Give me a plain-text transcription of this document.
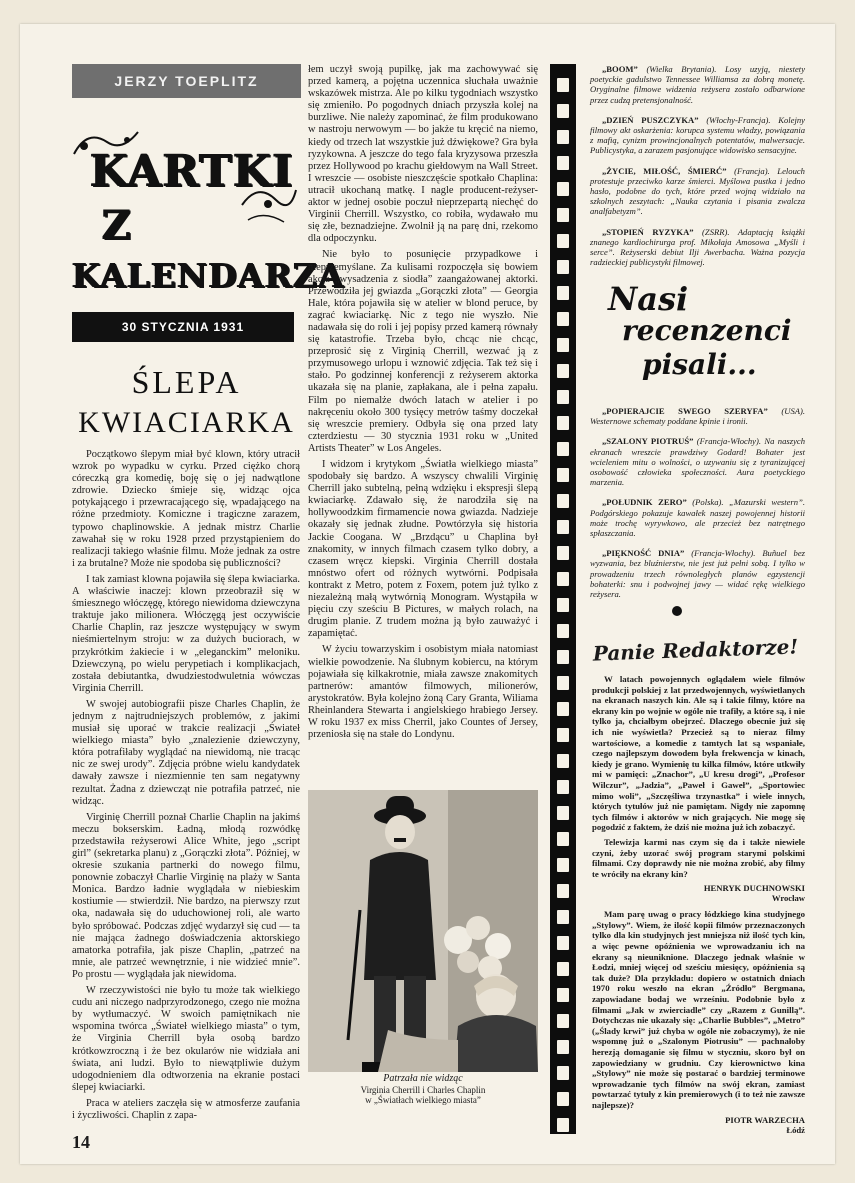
JERZY TOEPLITZ
KARTKI
Z
KALENDARZA
30 STYCZNIA 1931
ŚLEPA
KWIACIARKA

Początkowo ślepym miał być klown, który utracił wzrok po wypadku w cyrku. Przed ciężko chorą córeczką gra komedię, boję się o jej nadwątlone zdrowie. Dziecko śmieje się, widząc ojca potykającego i przewracającego się, wpadającego na różne przedmioty. Komiczne i tragiczne zarazem, typowo chaplinowskie. A jednak mistrz Charlie zawahał się w roku 1928 przed przystąpieniem do realizacji takiego właśnie filmu. Może jednak za ostre i za brutalne? Może nie spodoba się publiczności?

I tak zamiast klowna pojawiła się ślepa kwiaciarka. A właściwie inaczej: klown przeobraził się w śmiesznego włóczęgę, którego niewidoma dziewczyna traktuje jako milionera. Włóczęgą jest oczywiście Charlie Chaplin, raz jeszcze występujący w swym nieśmiertelnym stroju: w za dużych buciorach, w przykrótkim żakiecie i w „eleganckim” meloniku. Dziewczyną, po wielu perypetiach i komplikacjach, została debiutantka, dwudziestodwuletnia wówczas Virginia Cherrill.

W swojej autobiografii pisze Charles Chaplin, że jednym z najtrudniejszych problemów, z jakimi musiał się uporać w trakcie realizacji „Świateł wielkiego miasta” było „znalezienie dziewczyny, która potrafiłaby wyglądać na niewidomą, nie tracąc nic ze swej urody”. Zdjęcia próbne wielu kandydatek dawały zawsze i niezmiennie ten sam negatywny rezultat. Żadna z dziewcząt nie potrafiła patrzeć, nie widząc.

Virginię Cherrill poznał Charlie Chaplin na jakimś meczu bokserskim. Ładną, młodą rozwódkę przedstawiła reżyserowi Alice White, jego „script girl” (sekretarka planu) z „Gorączki złota”. Później, w okresie szukania partnerki do nowego filmu, ponownie zobaczył Charlie Virginię na plaży w Santa Monica. Bardzo ładnie wyglądała w niebieskim kostiumie — stwierdził. Nie bardzo, na pierwszy rzut oka, nadawała się do uduchowionej roli, ale warto było spróbować. Podczas zdjęć wydarzył się cud — ta nie mająca żadnego doświadczenia aktorskiego amatorka potrafiła, jak pisze Chaplin, „patrzeć na mnie, ale patrzeć wewnętrznie, i nie widzieć mnie”. Po prostu — wyglądała jak niewidoma.

W rzeczywistości nie było tu może tak wielkiego cudu ani niczego nadprzyrodzonego, czego nie można by wytłumaczyć. W swoich pamiętnikach nie wspomina twórca „Świateł wielkiego miasta” o tym, że Virginia Cherrill była osobą bardzo krótkowzroczną i że bez okularów nie widziała ani świata, ani ludzi. Było to niewątpliwie dużym udogodnieniem dla odtworzenia na ekranie postaci ślepej kwiaciarki.

Praca w ateliers zaczęła się w atmosferze zaufania i życzliwości. Chaplin z zapa-

łem uczył swoją pupilkę, jak ma zachowywać się przed kamerą, a pojętna uczennica słuchała uważnie wskazówek mistrza. Ale po kilku tygodniach wszystko się zmieniło. Po pogodnych dniach przyszła kolej na burzliwe. Nie należy zapominać, że film produkowano w nastroju nerwowym — bo jakże tu kręcić na niemo, kiedy od trzech lat wszystkie już dźwiękowe? Gra była ryzykowna. A jeszcze do tego fala kryzysowa przeszła przez Hollywood po krachu giełdowym na Wall Street. I wreszcie — osobiste nieszczęście spotkało Chaplina: utracił ukochaną matkę. I nagle producent-reżyser-aktor w jednej osobie poczuł nieprzepartą niechęć do Virginii Cherrill. Wszystko, co robiła, wydawało mu się złe, beznadziejne. Zwolnił ją na parę dni, rzekomo dla odpoczynku.

Nie było to posunięcie przypadkowe i nieprzemyślane. Za kulisami rozpoczęła się bowiem akcja „wysadzenia z siodła” zaangażowanej aktorki. Przewodziła jej gwiazda „Gorączki złota” — Georgia Hale, która pojawiła się w atelier w blond peruce, by zagrać kwiaciarkę. Nic z tego nie wyszło. Nie nadawała się do roli i jej popisy przed kamerą równały się katastrofie. Trzeba było, chcąc nie chcąc, przeprosić się z Virginią Cherrill, wezwać ją z przymusowego urlopu i wznowić zdjęcia. Tak też się i stało. Po godzinnej konferencji z reżyserem aktorka ukazała się na planie, zapłakana, ale i pełna zapału. Film po niemalże dwóch latach w atelier i po nakręceniu około 300 tysięcy metrów taśmy doczekał się wreszcie premiery. Odbyła się ona przed laty czterdziestu — 30 stycznia 1931 roku w „United Artists Theater” w Los Angeles.

I widzom i krytykom „Światła wielkiego miasta” spodobały się bardzo. A wszyscy chwalili Virginię Cherrill jako subtelną, pełną wdzięku i ekspresji ślepą kwiaciarkę. Zdawało się, że narodziła się na hollywoodzkim firmamencie nowa gwiazda. Nadzieje okazały się jednak złudne. Powtórzyła się historia Jackie Coogana. W „Brzdącu” u Chaplina był znakomity, w innych filmach czasem tylko dobry, a czasem wręcz kiepski. Virginia Cherrill dostała mnóstwo ofert od różnych wytwórni. Podpisała kontrakt z Metro, potem z Foxem, potem już tylko z niezależną małą wytwórnią Monogram. Wystąpiła w pięciu czy sześciu B Pictures, w małych rolach, na drugim planie. Z trudem można ją było zauważyć i zapamiętać.

W życiu towarzyskim i osobistym miała natomiast wielkie powodzenie. Na ślubnym kobiercu, na którym pojawiała się kilkakrotnie, miała zawsze znakomitych partnerów: amantów filmowych, milionerów, arystokratów. Była kolejno żoną Cary Granta, Wiliama Rheinlandera Stewarta i angielskiego hrabiego Jersey. W roku 1937 ex miss Cherril, jako Countes of Jersey, przeniosła się na stałe do Londynu.

Patrzała nie widząc
Virginia Cherrill i Charles Chaplin
w „Światłach wielkiego miasta”
„BOOM” (Wielka Brytania). Losy uzyją, niestety poetyckie gadulstwo Tennessee Williamsa za dobrą monetę. Oryginalne filmowe widzenia reżysera zostało odbarwione przez cudzą pretensjonalność.
„DZIEŃ PUSZCZYKA” (Włochy-Francja). Kolejny filmowy akt oskarżenia: korupca systemu władzy, powiązania z mafią, cynizm prowincjonalnych potentatów, malwersacje. Publicystyka, a zarazem pasjonujące widowisko sensacyjne.
„ŻYCIE, MIŁOŚĆ, ŚMIERĆ” (Francja). Lelouch protestuje przeciwko karze śmierci. Myślowa pustka i jedno hasło, podobne do tych, które przed wojną widziało na szkolnych zeszytach: „Nauka czytania i pisania zwalcza analfabetyzm”.
„STOPIEŃ RYZYKA” (ZSRR). Adaptacją książki znanego kardiochirurga prof. Mikołaja Amosowa „Myśli i serce”. Reżyserski debiut Ilji Awerbacha. Ważna pozycja radzieckiej publicystyki filmowej.
Nasi
recenzenci
pisali...
„POPIERAJCIE SWEGO SZERYFA” (USA). Westernowe schematy poddane kpinie i ironii.
„SZALONY PIOTRUŚ” (Francja-Włochy). Na naszych ekranach wreszcie prawdziwy Godard! Bohater jest wcieleniem mitu o wolności, o uzywaniu się z tyranizującej osobowość człowieka społeczności. Aura poetyckiego marzenia.
„POŁUDNIK ZERO” (Polska). „Mazurski western”. Podgórskiego pokazuje kawałek naszej powojennej historii może trochę wyrywkowo, ale przecież bez natrętnego spłaszczania.
„PIĘKNOŚĆ DNIA” (Francja-Włochy). Buñuel bez wyzwania, bez bluźnierstw, nie jest już pełni sobą. I tylko w prowadzeniu trzech równoległych planów egzystencji bohaterki: snu i podwojnej jawy — widać rękę wielkiego reżysera.
Panie Redaktorze!

W latach powojennych oglądałem wiele filmów produkcji polskiej z lat przedwojennych, wyświetlanych na ekranach naszych kin. Ale są i takie filmy, które na ekrany kin po wojnie w ogóle nie trafiły, a które są, i nie tylko ja, chciałbym obejrzeć. Dlaczego obecnie już się ich nie wyświetla? Przecież są to nieraz filmy wartościowe, a komedie z tamtych lat są wspaniałe, czego najlepszym dowodem była frekwencja w kinach, kiedy je grano. Wymienię tu kilka filmów, które utkwiły mi w pamięci: „Znachor”, „U kresu drogi”, „Profesor Wilczur”, „Jadzia”, „Paweł i Gaweł”, „Sportowiec mimo woli”, „Szczęśliwa trzynastka” i wiele innych, których tytułów już nie pamiętam. Nigdy nie zapomnę tych filmów i aktorów w nich grających. Nie mogę się pogodzić z faktem, że dziś nie można już ich zobaczyć.

Telewizja karmi nas czym się da i także niewiele czyni, żeby uzorać swój program starymi polskimi filmami. Czy doprawdy nie nie można zrobić, aby filmy te wróciły na ekrany kin?

HENRYK DUCHNOWSKI
Wrocław

Mam parę uwag o pracy łódzkiego kina studyjnego „Stylowy”. Wiem, że ilość kopii filmów przeznaczonych tylko dla kin studyjnych jest mniejsza niż ilość tych kin, a więc pewne opóźnienia we wprowadzaniu ich na ekrany są nieuniknione. Dlaczego jednak właśnie w Łodzi, mniej więcej od sześciu miesięcy, opóźnienia są tak duże? Dla przykładu: dopiero w ostatnich dniach 1970 roku weszło na ekran „Źródło” Bergmana, zapowiadane bodaj we wrześniu. Podobnie było z filmami „Jak w zwierciadle” czy „Razem z Gunillą”. Dotychczas nie ukazały się: „Charlie Bubbles”, „Metro” („Ślady krwi” już chyba w ogóle nie zobaczymy), że nie wspomnę już o „Szalonym Piotrusiu” — pachnałoby herezją domaganie się filmu w styczniu, skoro był on zapowiedziany w grudniu. Czy kierownictwo kina „Stylowy” nie może się postarać o bardziej terminowe wprowadzanie tych filmów na swój ekran, zamiast powtarzać tytuły z kin premierowych (i to też nie zawsze najlepsze)?

PIOTR WARZECHA
Łódź
14
